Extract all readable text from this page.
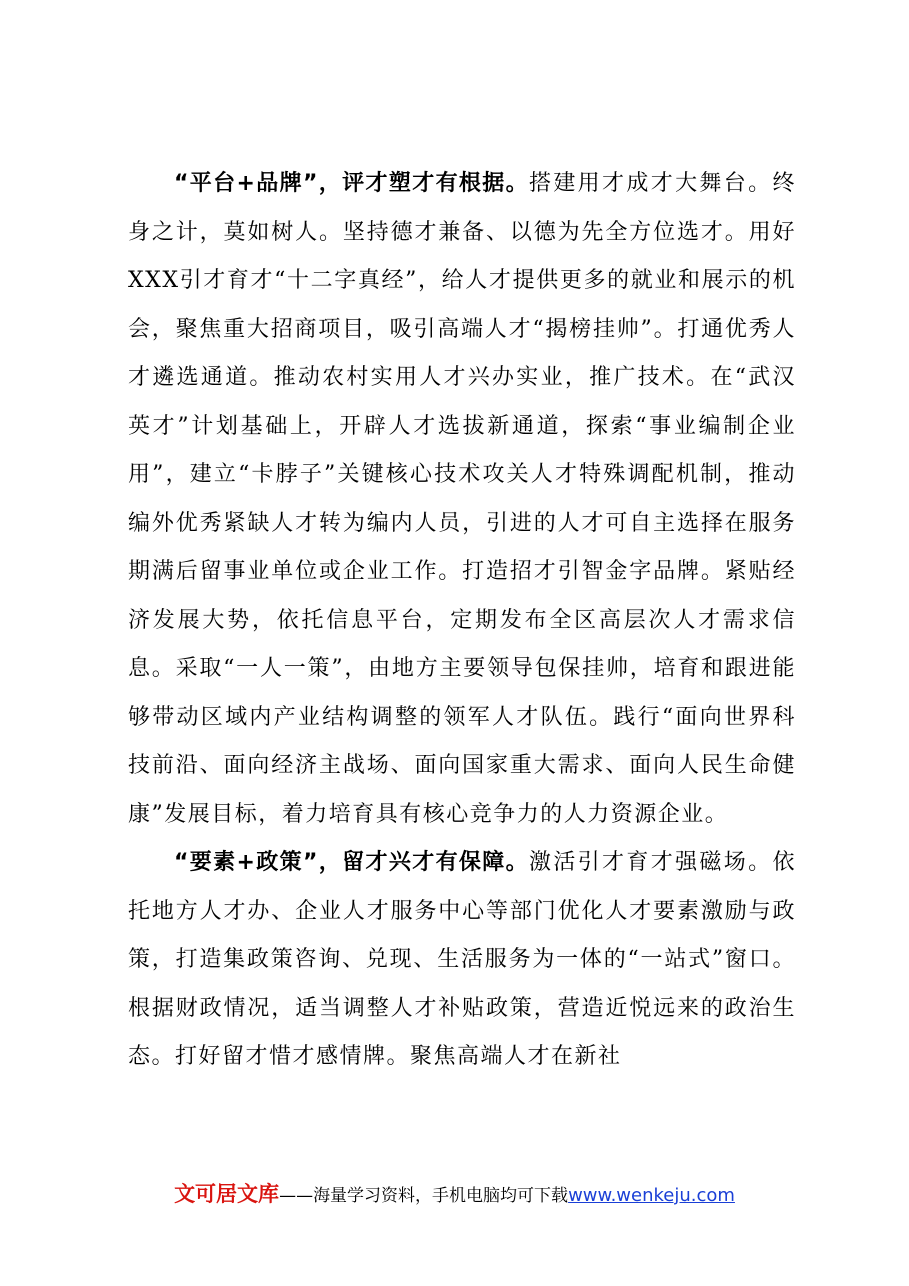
“平台+品牌”，评才塑才有根据。搭建用才成才大舞台。终身之计，莫如树人。坚持德才兼备、以德为先全方位选才。用好XXX引才育才“十二字真经”，给人才提供更多的就业和展示的机会，聚焦重大招商项目，吸引高端人才“揭榜挂帅”。打通优秀人才遴选通道。推动农村实用人才兴办实业，推广技术。在“武汉英才”计划基础上，开辟人才选拔新通道，探索“事业编制企业用”，建立“卡脖子”关键核心技术攻关人才特殊调配机制，推动编外优秀紧缺人才转为编内人员，引进的人才可自主选择在服务期满后留事业单位或企业工作。打造招才引智金字品牌。紧贴经济发展大势，依托信息平台，定期发布全区高层次人才需求信息。采取“一人一策”，由地方主要领导包保挂帅，培育和跟进能够带动区域内产业结构调整的领军人才队伍。践行“面向世界科技前沿、面向经济主战场、面向国家重大需求、面向人民生命健康”发展目标，着力培育具有核心竞争力的人力资源企业。

“要素+政策”，留才兴才有保障。激活引才育才强磁场。依托地方人才办、企业人才服务中心等部门优化人才要素激励与政策，打造集政策咨询、兑现、生活服务为一体的“一站式”窗口。根据财政情况，适当调整人才补贴政策，营造近悦远来的政治生态。打好留才惜才感情牌。聚焦高端人才在新社

文可居文库——海量学习资料，手机电脑均可下载www.wenkeju.com
